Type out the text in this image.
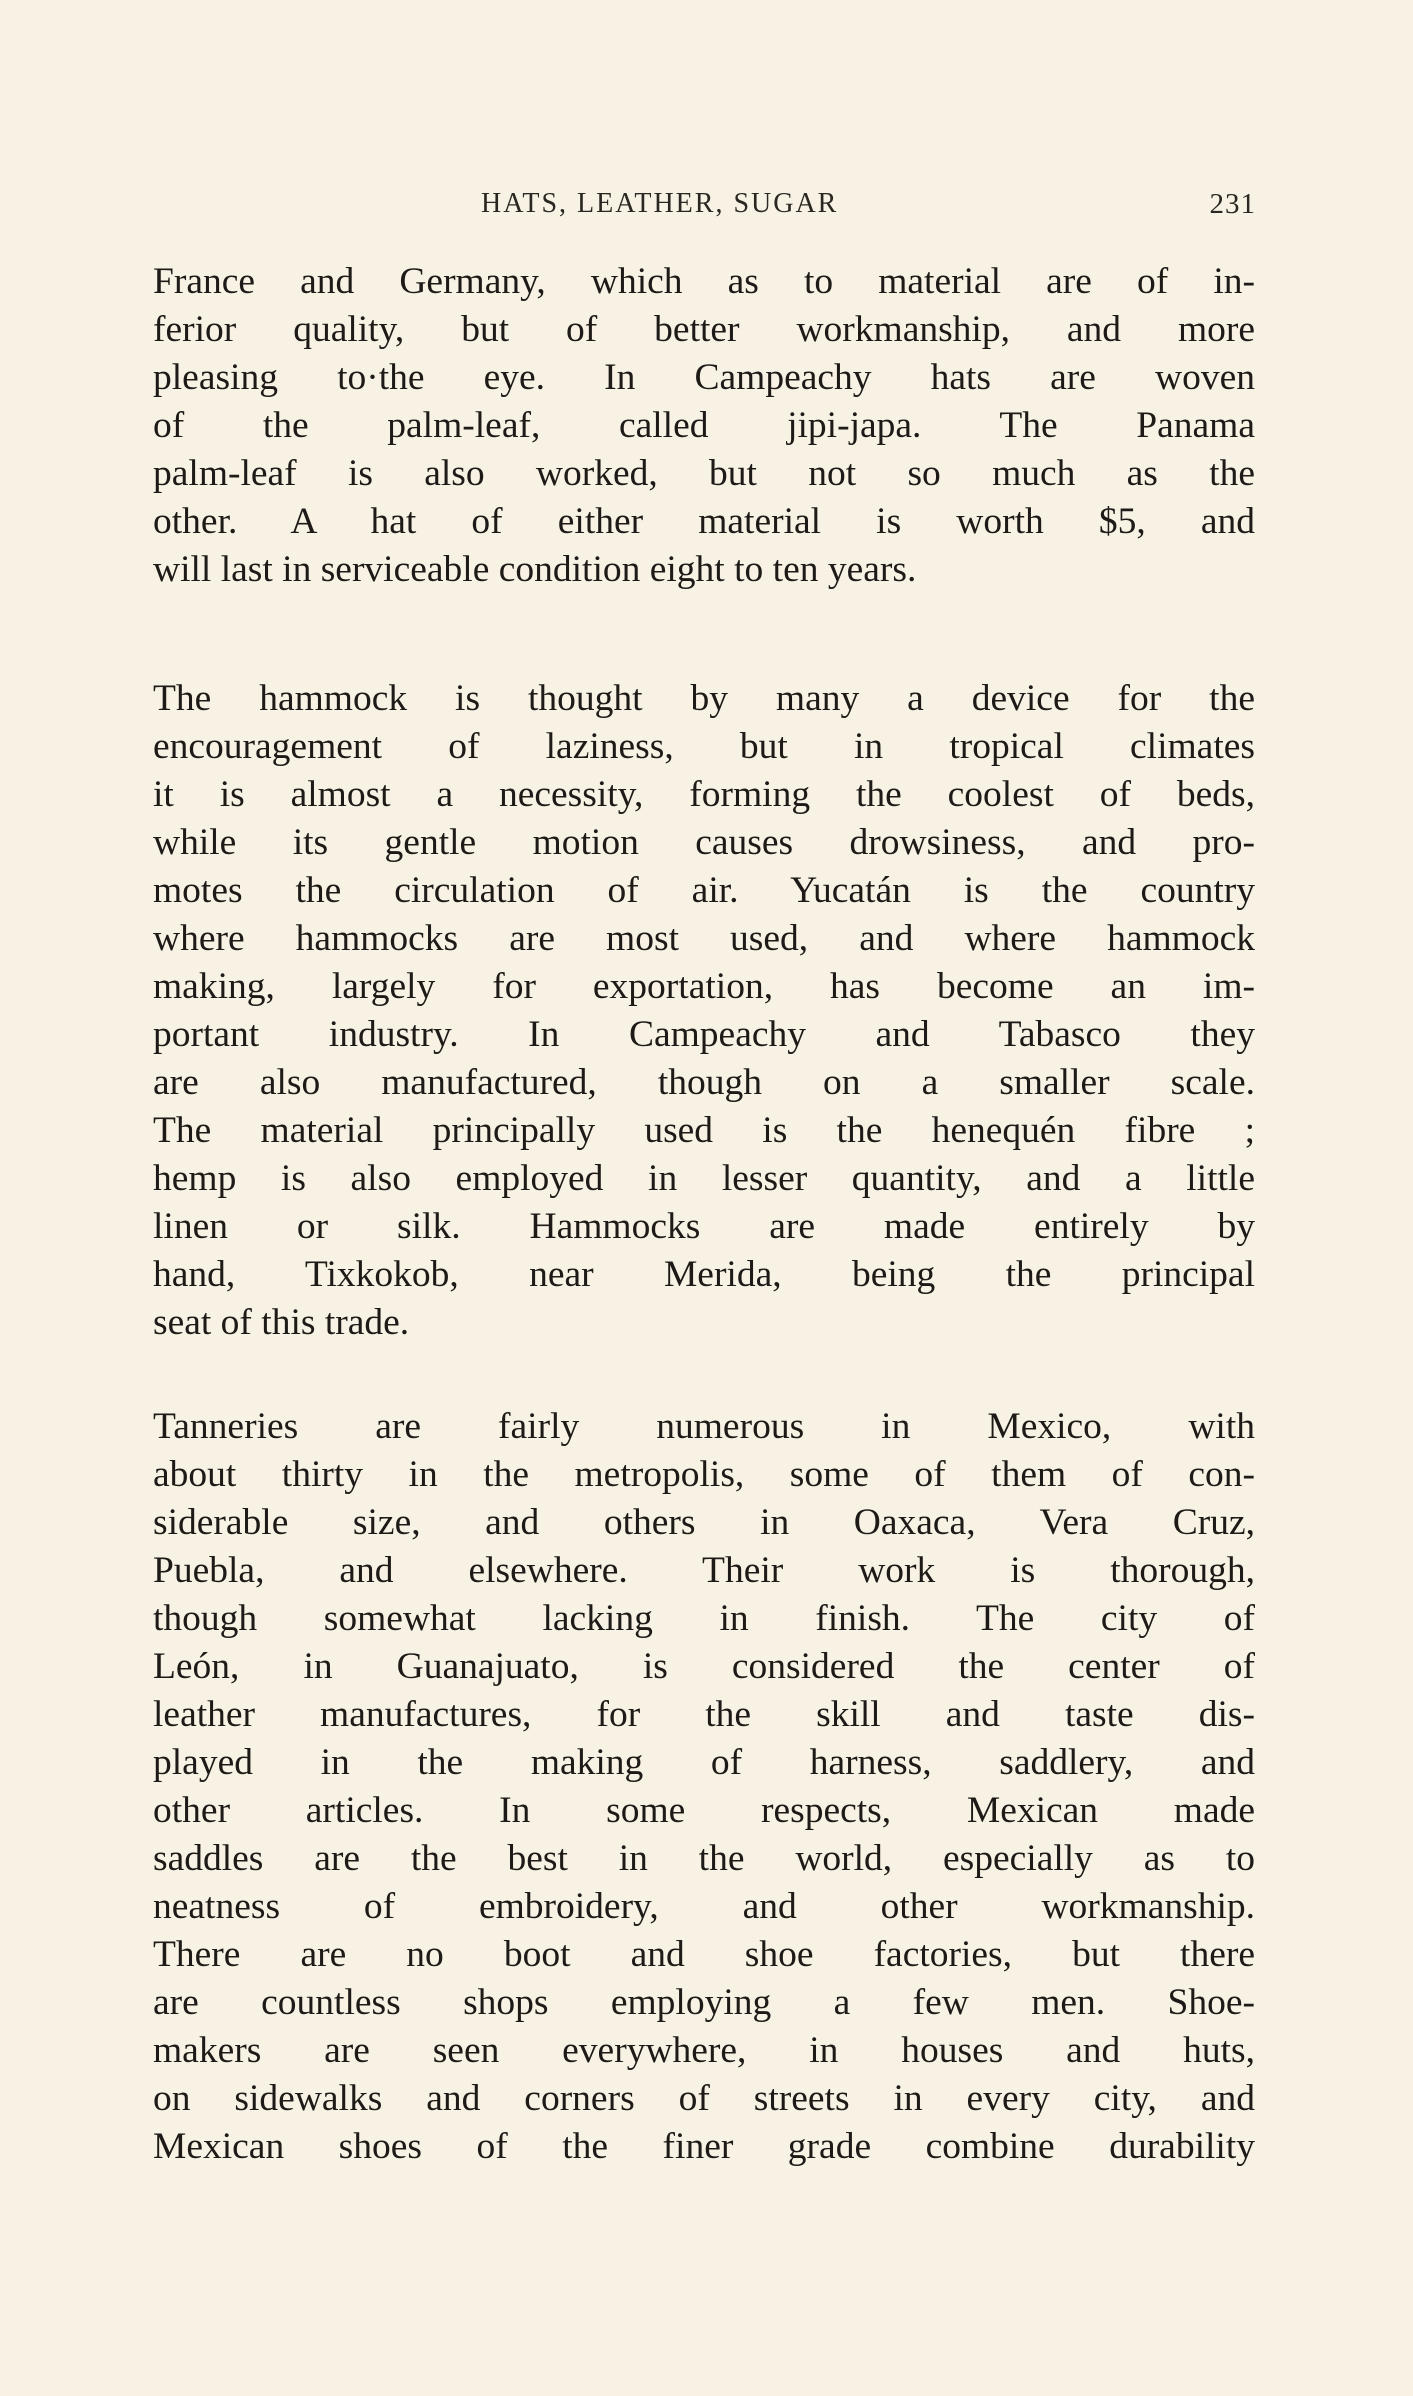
HATS, LEATHER, SUGAR	231
France and Germany, which as to material are of in-
ferior quality, but of better workmanship, and more
pleasing to·the eye. In Campeachy hats are woven
of the palm-leaf, called jipi-japa. The Panama
palm-leaf is also worked, but not so much as the
other. A hat of either material is worth $5, and
will last in serviceable condition eight to ten years.
The hammock is thought by many a device for the
encouragement of laziness, but in tropical climates
it is almost a necessity, forming the coolest of beds,
while its gentle motion causes drowsiness, and pro-
motes the circulation of air. Yucatán is the country
where hammocks are most used, and where hammock
making, largely for exportation, has become an im-
portant industry. In Campeachy and Tabasco they
are also manufactured, though on a smaller scale.
The material principally used is the henequén fibre ;
hemp is also employed in lesser quantity, and a little
linen or silk. Hammocks are made entirely by
hand, Tixkokob, near Merida, being the principal
seat of this trade.
Tanneries are fairly numerous in Mexico, with
about thirty in the metropolis, some of them of con-
siderable size, and others in Oaxaca, Vera Cruz,
Puebla, and elsewhere. Their work is thorough,
though somewhat lacking in finish. The city of
León, in Guanajuato, is considered the center of
leather manufactures, for the skill and taste dis-
played in the making of harness, saddlery, and
other articles. In some respects, Mexican made
saddles are the best in the world, especially as to
neatness of embroidery, and other workmanship.
There are no boot and shoe factories, but there
are countless shops employing a few men. Shoe-
makers are seen everywhere, in houses and huts,
on sidewalks and corners of streets in every city, and
Mexican shoes of the finer grade combine durability
